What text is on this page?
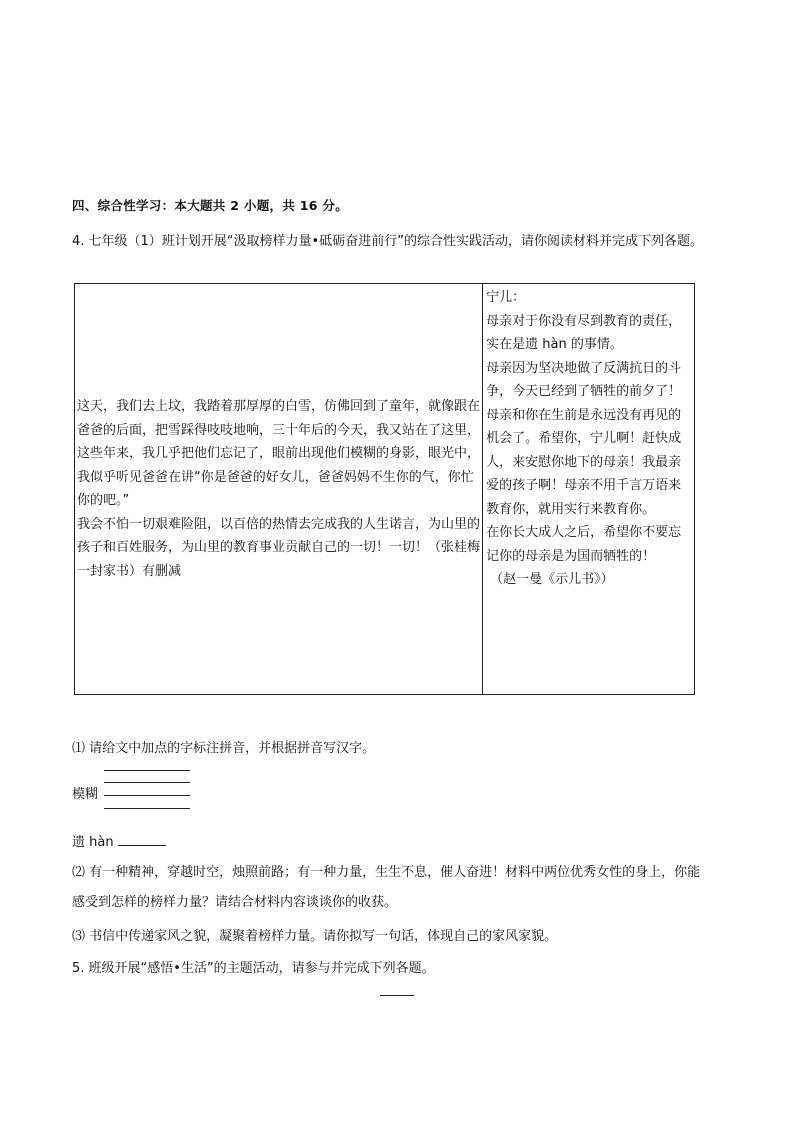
四、综合性学习：本大题共 2 小题，共 16 分。
4. 七年级（1）班计划开展“汲取榜样力量•砥砺奋进前行”的综合性实践活动，请你阅读材料并完成下列各题。

这天，我们去上坟，我踏着那厚厚的白雪，仿佛回到了童年，就像跟在爸爸的后面，把雪踩得吱吱地响，三十年后的今天，我又站在了这里，这些年来，我几乎把他们忘记了，眼前出现他们模糊的身影，眼光中，我似乎听见爸爸在讲“你是爸爸的好女儿，爸爸妈妈不生你的气，你忙你的吧。”

我会不怕一切艰难险阻，以百倍的热情去完成我的人生诺言，为山里的孩子和百姓服务，为山里的教育事业贡献自己的一切！一切！（张桂梅一封家书）有删减

宁儿：

母亲对于你没有尽到教育的责任，实在是遗 hàn 的事情。

母亲因为坚决地做了反满抗日的斗争，今天已经到了牺牲的前夕了！

母亲和你在生前是永远没有再见的机会了。希望你，宁儿啊！赶快成人，来安慰你地下的母亲！我最亲爱的孩子啊！母亲不用千言万语来教育你，就用实行来教育你。

在你长大成人之后，希望你不要忘记你的母亲是为国而牺牲的！

（赵一曼《示儿书》）

⑴ 请给文中加点的字标注拼音，并根据拼音写汉字。
模糊
遗 hàn
⑵ 有一种精神，穿越时空，烛照前路；有一种力量，生生不息，催人奋进！材料中两位优秀女性的身上，你能感受到怎样的榜样力量？请结合材料内容谈谈你的收获。
⑶ 书信中传递家风之貌，凝聚着榜样力量。请你拟写一句话，体现自己的家风家貌。
5. 班级开展“感悟•生活”的主题活动，请参与并完成下列各题。
